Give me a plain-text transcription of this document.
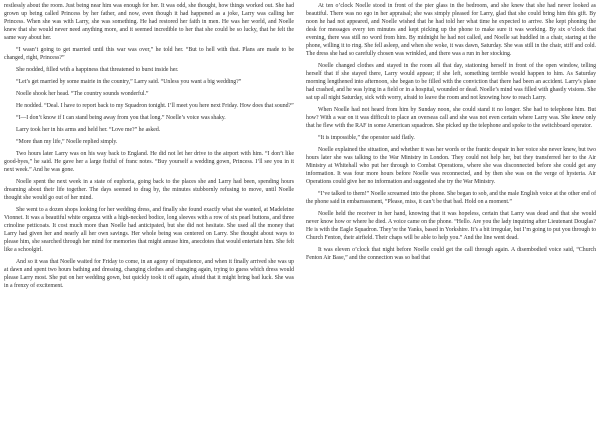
restlessly about the room. Just being near him was enough for her. It was odd, she thought, how things worked out. She had grown up being called Princess by her father, and now, even though it had happened as a joke, Larry was calling her Princess. When she was with Larry, she was something. He had restored her faith in men. He was her world, and Noelle knew that she would never need anything more, and it seemed incredible to her that she could be so lucky, that he felt the same way about her.

“I wasn’t going to get married until this war was over,” he told her. “But to hell with that. Plans are made to be changed, right, Princess?”

She nodded, filled with a happiness that threatened to burst inside her.

“Let’s get married by some mairie in the country,” Larry said. “Unless you want a big wedding?”

Noelle shook her head. “The country sounds wonderful.”

He nodded. “Deal. I have to report back to my Squadron tonight. I’ll meet you here next Friday. How does that sound?”

“I—I don’t know if I can stand being away from you that long.” Noelle’s voice was shaky.

Larry took her in his arms and held her. “Love me?” he asked.

“More than my life,” Noelle replied simply.

Two hours later Larry was on his way back to England. He did not let her drive to the airport with him. “I don’t like good-byes,” he said. He gave her a large fistful of franc notes. “Buy yourself a wedding gown, Princess. I’ll see you in it next week.” And he was gone.

Noelle spent the next week in a state of euphoria, going back to the places she and Larry had been, spending hours dreaming about their life together. The days seemed to drag by, the minutes stubbornly refusing to move, until Noelle thought she would go out of her mind.

She went to a dozen shops looking for her wedding dress, and finally she found exactly what she wanted, at Madeleine Vionnet. It was a beautiful white organza with a high-necked bodice, long sleeves with a row of six pearl buttons, and three crinoline petticoats. It cost much more than Noelle had anticipated, but she did not hesitate. She used all the money that Larry had given her and nearly all her own savings. Her whole being was centered on Larry. She thought about ways to please him, she searched through her mind for memories that might amuse him, anecdotes that would entertain him. She felt like a schoolgirl.

And so it was that Noelle waited for Friday to come, in an agony of impatience, and when it finally arrived she was up at dawn and spent two hours bathing and dressing, changing clothes and changing again, trying to guess which dress would please Larry most. She put on her wedding gown, but quickly took it off again, afraid that it might bring bad luck. She was in a frenzy of excitement.

At ten o’clock Noelle stood in front of the pier glass in the bedroom, and she knew that she had never looked as beautiful. There was no ego in her appraisal; she was simply pleased for Larry, glad that she could bring him this gift. By noon he had not appeared, and Noelle wished that he had told her what time he expected to arrive. She kept phoning the desk for messages every ten minutes and kept picking up the phone to make sure it was working. By six o’clock that evening, there was still no word from him. By midnight he had not called, and Noelle sat huddled in a chair, staring at the phone, willing it to ring. She fell asleep, and when she woke, it was dawn, Saturday. She was still in the chair, stiff and cold. The dress she had so carefully chosen was wrinkled, and there was a run in her stocking.

Noelle changed clothes and stayed in the room all that day, stationing herself in front of the open window, telling herself that if she stayed there, Larry would appear; if she left, something terrible would happen to him. As Saturday morning lengthened into afternoon, she began to be filled with the conviction that there had been an accident. Larry’s plane had crashed, and he was lying in a field or in a hospital, wounded or dead. Noelle’s mind was filled with ghastly visions. She sat up all night Saturday, sick with worry, afraid to leave the room and not knowing how to reach Larry.

When Noelle had not heard from him by Sunday noon, she could stand it no longer. She had to telephone him. But how? With a war on it was difficult to place an overseas call and she was not even certain where Larry was. She knew only that he flew with the RAF in some American squadron. She picked up the telephone and spoke to the switchboard operator.

“It is impossible,” the operator said flatly.

Noelle explained the situation, and whether it was her words or the frantic despair in her voice she never knew, but two hours later she was talking to the War Ministry in London. They could not help her, but they transferred her to the Air Ministry at Whitehall who put her through to Combat Operations, where she was disconnected before she could get any information. It was four more hours before Noelle was reconnected, and by then she was on the verge of hysteria. Air Operations could give her no information and suggested she try the War Ministry.

“I’ve talked to them!” Noelle screamed into the phone. She began to sob, and the male English voice at the other end of the phone said in embarrassment, “Please, miss, it can’t be that bad. Hold on a moment.”

Noelle held the receiver in her hand, knowing that it was hopeless, certain that Larry was dead and that she would never know how or where he died. A voice came on the phone. “Hello. Are you the lady inquiring after Lieutenant Douglas? He is with the Eagle Squadron. They’re the Yanks, based in Yorkshire. It’s a bit irregular, but I’m going to put you through to Church Fenton, their airfield. Their chaps will be able to help you.” And the line went dead.

It was eleven o’clock that night before Noelle could get the call through again. A disembodied voice said, “Church Fenton Air Base,” and the connection was so bad that
